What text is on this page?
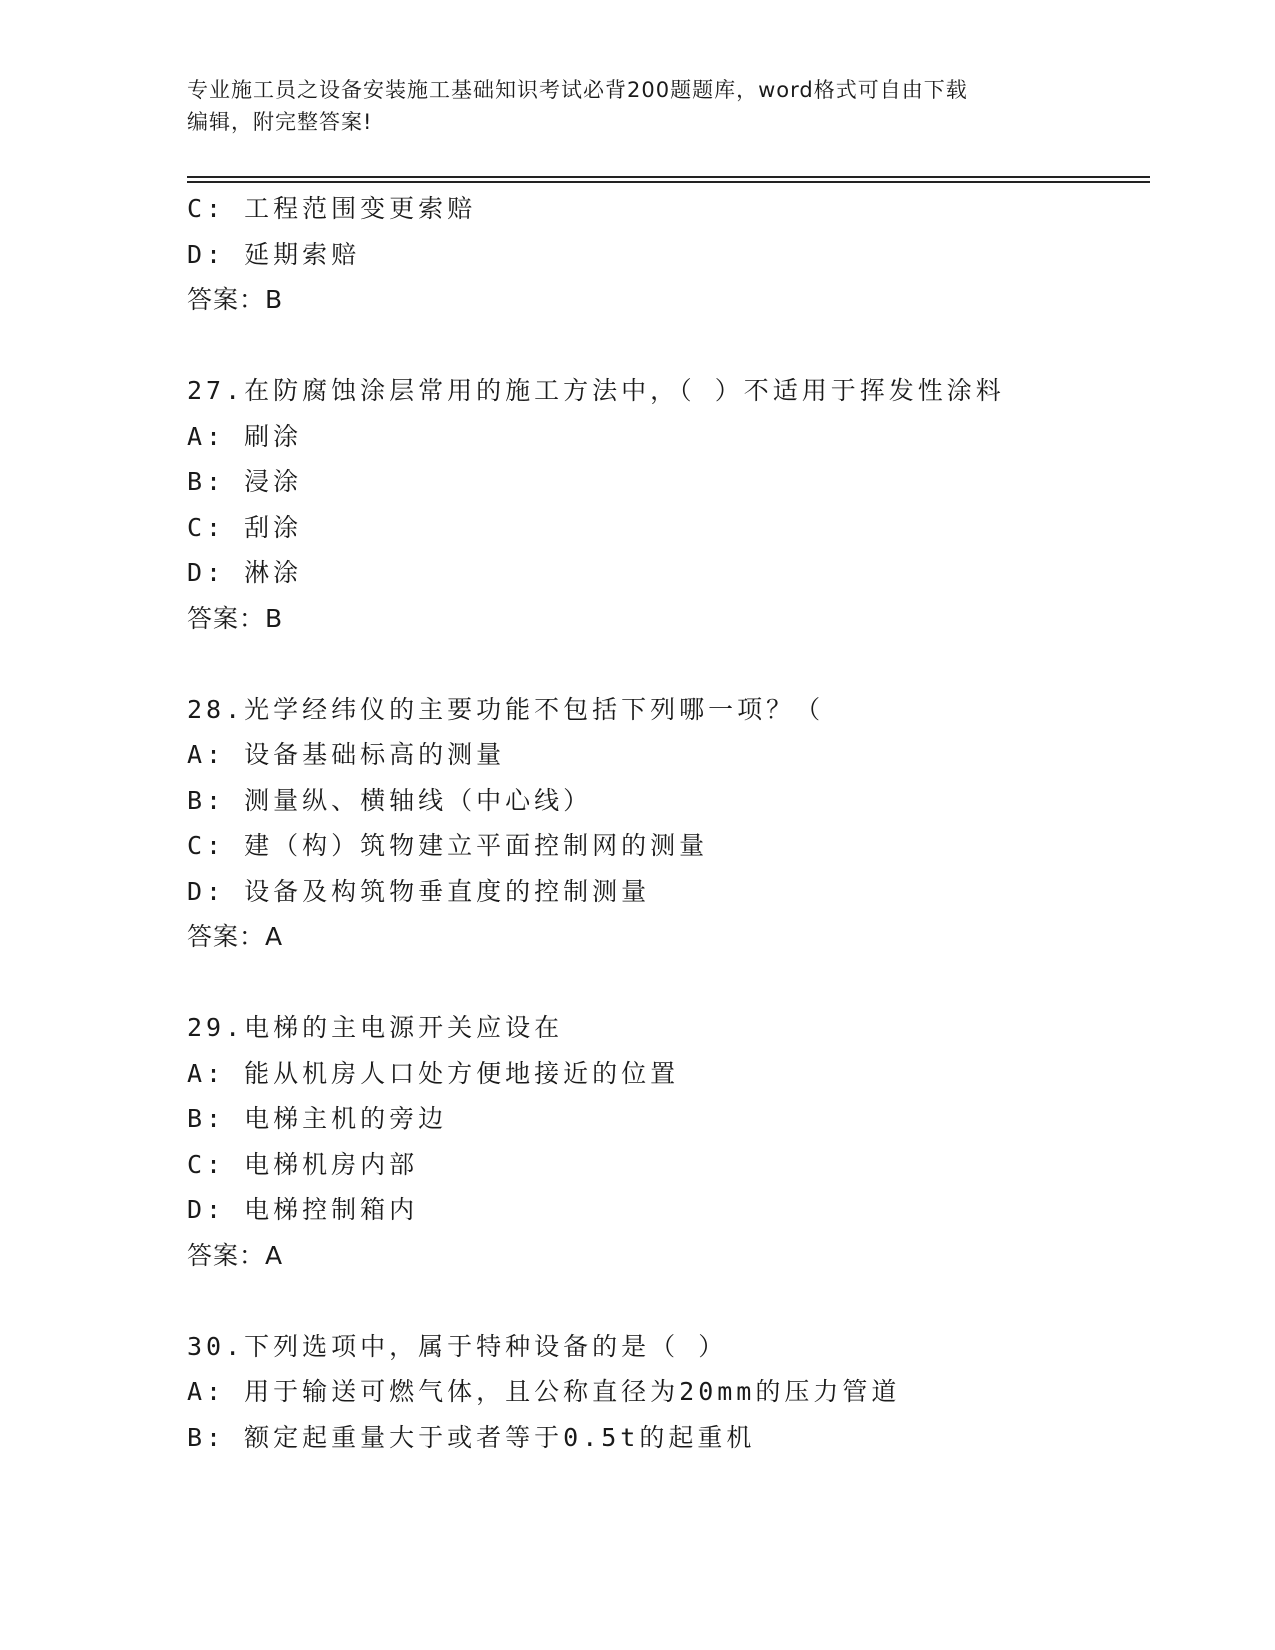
专业施工员之设备安装施工基础知识考试必背200题题库，word格式可自由下载
编辑，附完整答案!
C: 工程范围变更索赔
D: 延期索赔
答案：B
27.在防腐蚀涂层常用的施工方法中，（ ）不适用于挥发性涂料
A: 刷涂
B: 浸涂
C: 刮涂
D: 淋涂
答案：B
28.光学经纬仪的主要功能不包括下列哪一项？（
A: 设备基础标高的测量
B: 测量纵、横轴线（中心线）
C: 建（构）筑物建立平面控制网的测量
D: 设备及构筑物垂直度的控制测量
答案：A
29.电梯的主电源开关应设在
A: 能从机房人口处方便地接近的位置
B: 电梯主机的旁边
C: 电梯机房内部
D: 电梯控制箱内
答案：A
30.下列选项中，属于特种设备的是（ ）
A: 用于输送可燃气体，且公称直径为20mm的压力管道
B: 额定起重量大于或者等于0.5t的起重机
